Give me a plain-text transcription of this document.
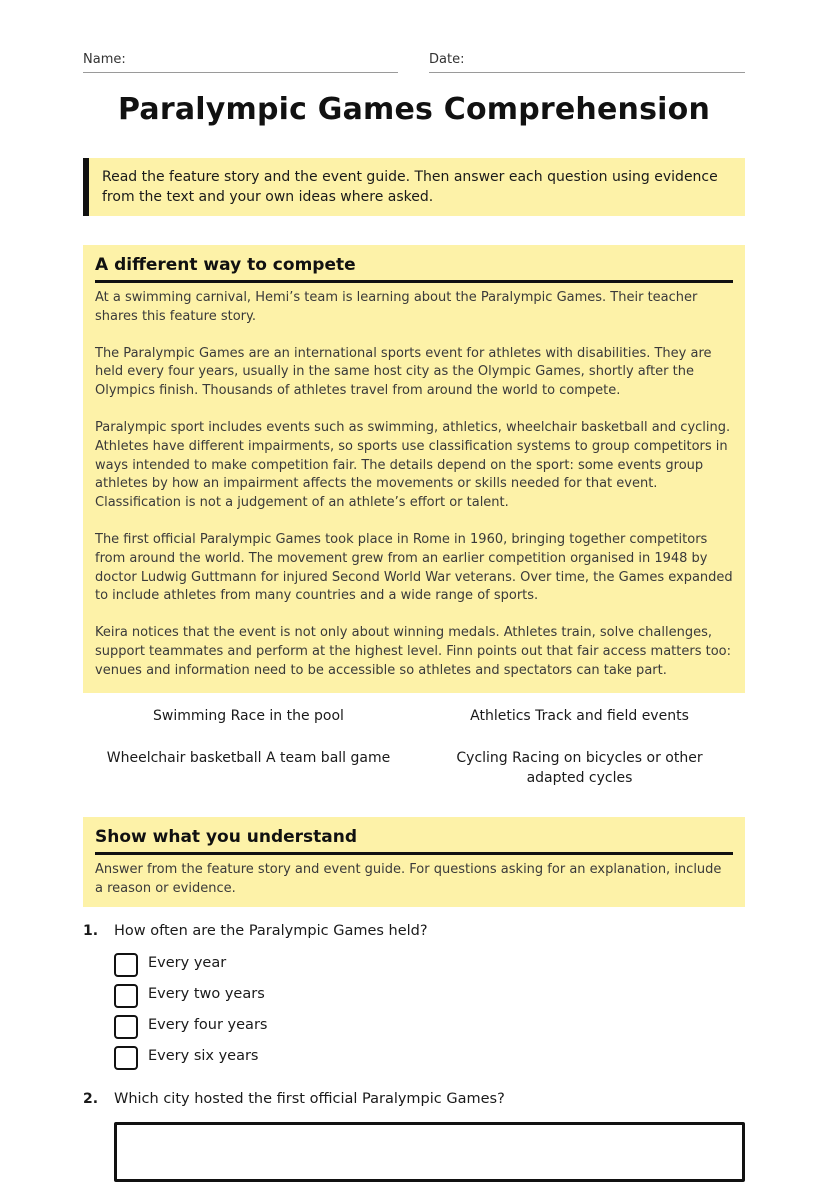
Name:	Date:
Paralympic Games Comprehension
Read the feature story and the event guide. Then answer each question using evidence from the text and your own ideas where asked.
A different way to compete

At a swimming carnival, Hemi’s team is learning about the Paralympic Games. Their teacher shares this feature story.

The Paralympic Games are an international sports event for athletes with disabilities. They are held every four years, usually in the same host city as the Olympic Games, shortly after the Olympics finish. Thousands of athletes travel from around the world to compete.

Paralympic sport includes events such as swimming, athletics, wheelchair basketball and cycling. Athletes have different impairments, so sports use classification systems to group competitors in ways intended to make competition fair. The details depend on the sport: some events group athletes by how an impairment affects the movements or skills needed for that event. Classification is not a judgement of an athlete’s effort or talent.

The first official Paralympic Games took place in Rome in 1960, bringing together competitors from around the world. The movement grew from an earlier competition organised in 1948 by doctor Ludwig Guttmann for injured Second World War veterans. Over time, the Games expanded to include athletes from many countries and a wide range of sports.

Keira notices that the event is not only about winning medals. Athletes train, solve challenges, support teammates and perform at the highest level. Finn points out that fair access matters too: venues and information need to be accessible so athletes and spectators can take part.

Swimming Race in the pool	Athletics Track and field events
Wheelchair basketball A team ball game	Cycling Racing on bicycles or other adapted cycles
Show what you understand

Answer from the feature story and event guide. For questions asking for an explanation, include a reason or evidence.

1. How often are the Paralympic Games held?
Every year
Every two years
Every four years
Every six years
2. Which city hosted the first official Paralympic Games?
